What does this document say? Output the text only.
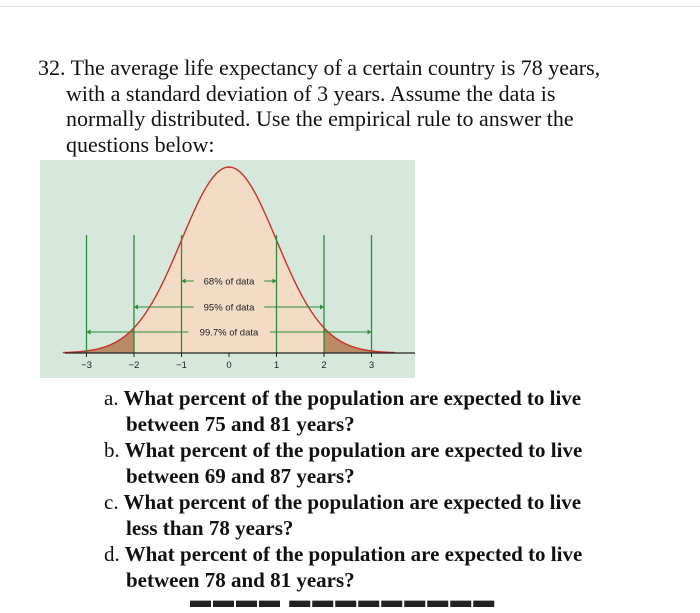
32. The average life expectancy of a certain country is 78 years,
with a standard deviation of 3 years. Assume the data is
normally distributed. Use the empirical rule to answer the
questions below:
68% of data
95% of data
99.7% of data
−3	−2	−1	0	1	2	3
a. What percent of the population are expected to live
between 75 and 81 years?
b. What percent of the population are expected to live
between 69 and 87 years?
c. What percent of the population are expected to live
less than 78 years?
d. What percent of the population are expected to live
between 78 and 81 years?
▬▬▬▬ ▬▬▬▬▬▬▬▬▬
